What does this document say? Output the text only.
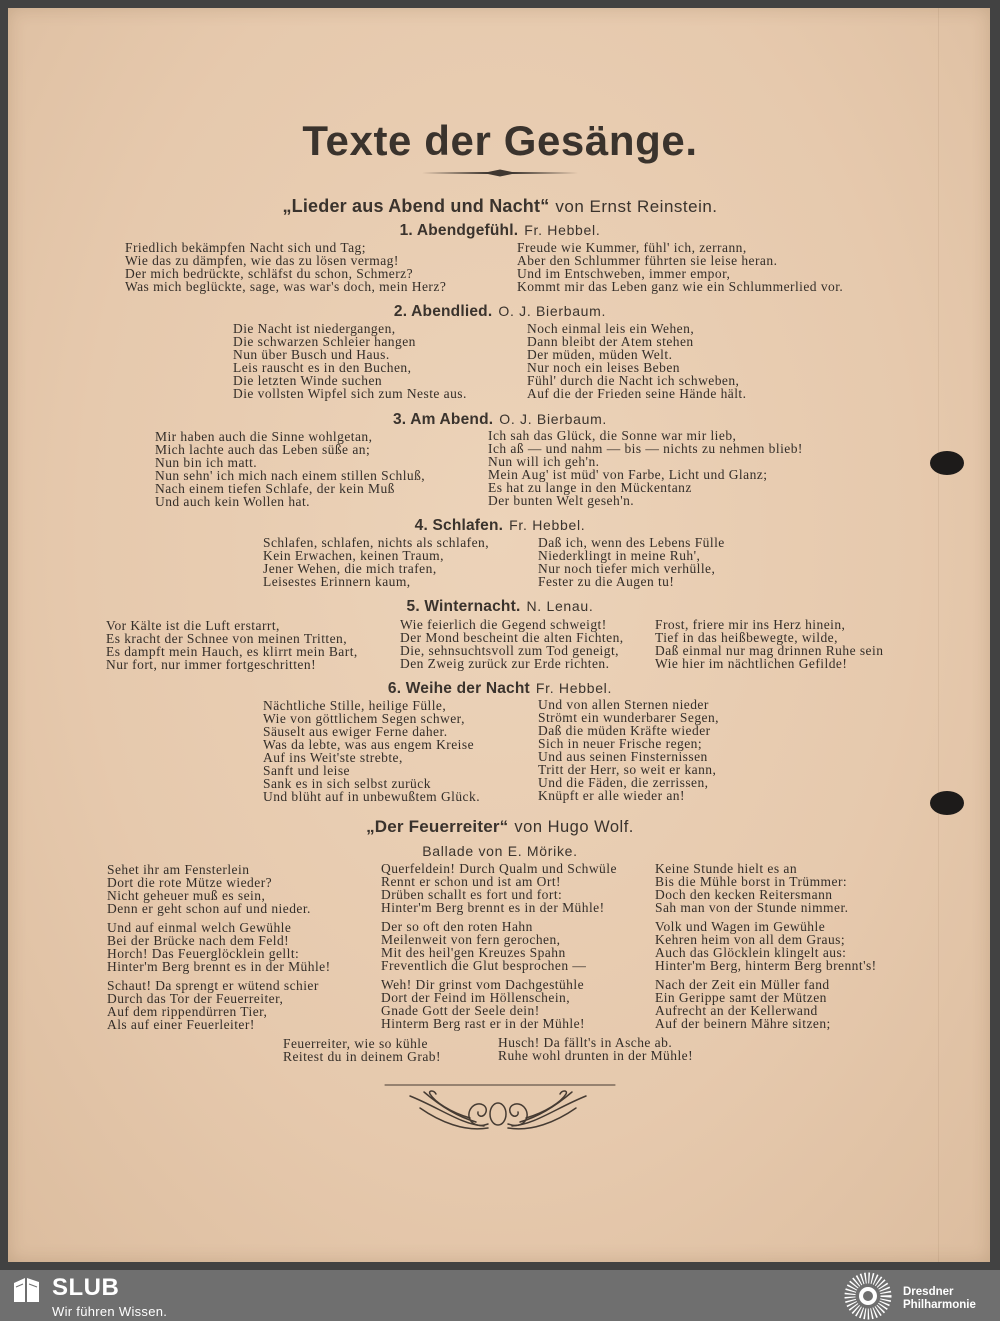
Texte der Gesänge.
„Lieder aus Abend und Nacht“ von Ernst Reinstein.
1. Abendgefühl. Fr. Hebbel.
Friedlich bekämpfen Nacht sich und Tag;
Wie das zu dämpfen, wie das zu lösen vermag!
Der mich bedrückte, schläfst du schon, Schmerz?
Was mich beglückte, sage, was war's doch, mein Herz?
Freude wie Kummer, fühl' ich, zerrann,
Aber den Schlummer führten sie leise heran.
Und im Entschweben, immer empor,
Kommt mir das Leben ganz wie ein Schlummerlied vor.
2. Abendlied. O. J. Bierbaum.
Die Nacht ist niedergangen,
Die schwarzen Schleier hangen
Nun über Busch und Haus.
Leis rauscht es in den Buchen,
Die letzten Winde suchen
Die vollsten Wipfel sich zum Neste aus.
Noch einmal leis ein Wehen,
Dann bleibt der Atem stehen
Der müden, müden Welt.
Nur noch ein leises Beben
Fühl' durch die Nacht ich schweben,
Auf die der Frieden seine Hände hält.
3. Am Abend. O. J. Bierbaum.
Mir haben auch die Sinne wohlgetan,
Mich lachte auch das Leben süße an;
Nun bin ich matt.
Nun sehn' ich mich nach einem stillen Schluß,
Nach einem tiefen Schlafe, der kein Muß
Und auch kein Wollen hat.
Ich sah das Glück, die Sonne war mir lieb,
Ich aß — und nahm — bis — nichts zu nehmen blieb!
Nun will ich geh'n.
Mein Aug' ist müd' von Farbe, Licht und Glanz;
Es hat zu lange in den Mückentanz
Der bunten Welt geseh'n.
4. Schlafen. Fr. Hebbel.
Schlafen, schlafen, nichts als schlafen,
Kein Erwachen, keinen Traum,
Jener Wehen, die mich trafen,
Leisestes Erinnern kaum,
Daß ich, wenn des Lebens Fülle
Niederklingt in meine Ruh',
Nur noch tiefer mich verhülle,
Fester zu die Augen tu!
5. Winternacht. N. Lenau.
Vor Kälte ist die Luft erstarrt,
Es kracht der Schnee von meinen Tritten,
Es dampft mein Hauch, es klirrt mein Bart,
Nur fort, nur immer fortgeschritten!
Wie feierlich die Gegend schweigt!
Der Mond bescheint die alten Fichten,
Die, sehnsuchtsvoll zum Tod geneigt,
Den Zweig zurück zur Erde richten.
Frost, friere mir ins Herz hinein,
Tief in das heißbewegte, wilde,
Daß einmal nur mag drinnen Ruhe sein
Wie hier im nächtlichen Gefilde!
6. Weihe der Nacht Fr. Hebbel.
Nächtliche Stille, heilige Fülle,
Wie von göttlichem Segen schwer,
Säuselt aus ewiger Ferne daher.
Was da lebte, was aus engem Kreise
Auf ins Weit'ste strebte,
Sanft und leise
Sank es in sich selbst zurück
Und blüht auf in unbewußtem Glück.
Und von allen Sternen nieder
Strömt ein wunderbarer Segen,
Daß die müden Kräfte wieder
Sich in neuer Frische regen;
Und aus seinen Finsternissen
Tritt der Herr, so weit er kann,
Und die Fäden, die zerrissen,
Knüpft er alle wieder an!
„Der Feuerreiter“ von Hugo Wolf.
Ballade von E. Mörike.
Sehet ihr am Fensterlein
Dort die rote Mütze wieder?
Nicht geheuer muß es sein,
Denn er geht schon auf und nieder.
Querfeldein! Durch Qualm und Schwüle
Rennt er schon und ist am Ort!
Drüben schallt es fort und fort:
Hinter'm Berg brennt es in der Mühle!
Keine Stunde hielt es an
Bis die Mühle borst in Trümmer:
Doch den kecken Reitersmann
Sah man von der Stunde nimmer.
Und auf einmal welch Gewühle
Bei der Brücke nach dem Feld!
Horch! Das Feuerglöcklein gellt:
Hinter'm Berg brennt es in der Mühle!
Der so oft den roten Hahn
Meilenweit von fern gerochen,
Mit des heil'gen Kreuzes Spahn
Freventlich die Glut besprochen —
Volk und Wagen im Gewühle
Kehren heim von all dem Graus;
Auch das Glöcklein klingelt aus:
Hinter'm Berg, hinterm Berg brennt's!
Schaut! Da sprengt er wütend schier
Durch das Tor der Feuerreiter,
Auf dem rippendürren Tier,
Als auf einer Feuerleiter!
Weh! Dir grinst vom Dachgestühle
Dort der Feind im Höllenschein,
Gnade Gott der Seele dein!
Hinterm Berg rast er in der Mühle!
Nach der Zeit ein Müller fand
Ein Gerippe samt der Mützen
Aufrecht an der Kellerwand
Auf der beinern Mähre sitzen;
Feuerreiter, wie so kühle
Reitest du in deinem Grab!
Husch! Da fällt's in Asche ab.
Ruhe wohl drunten in der Mühle!
SLUB
Wir führen Wissen.
Dresdner
Philharmonie
